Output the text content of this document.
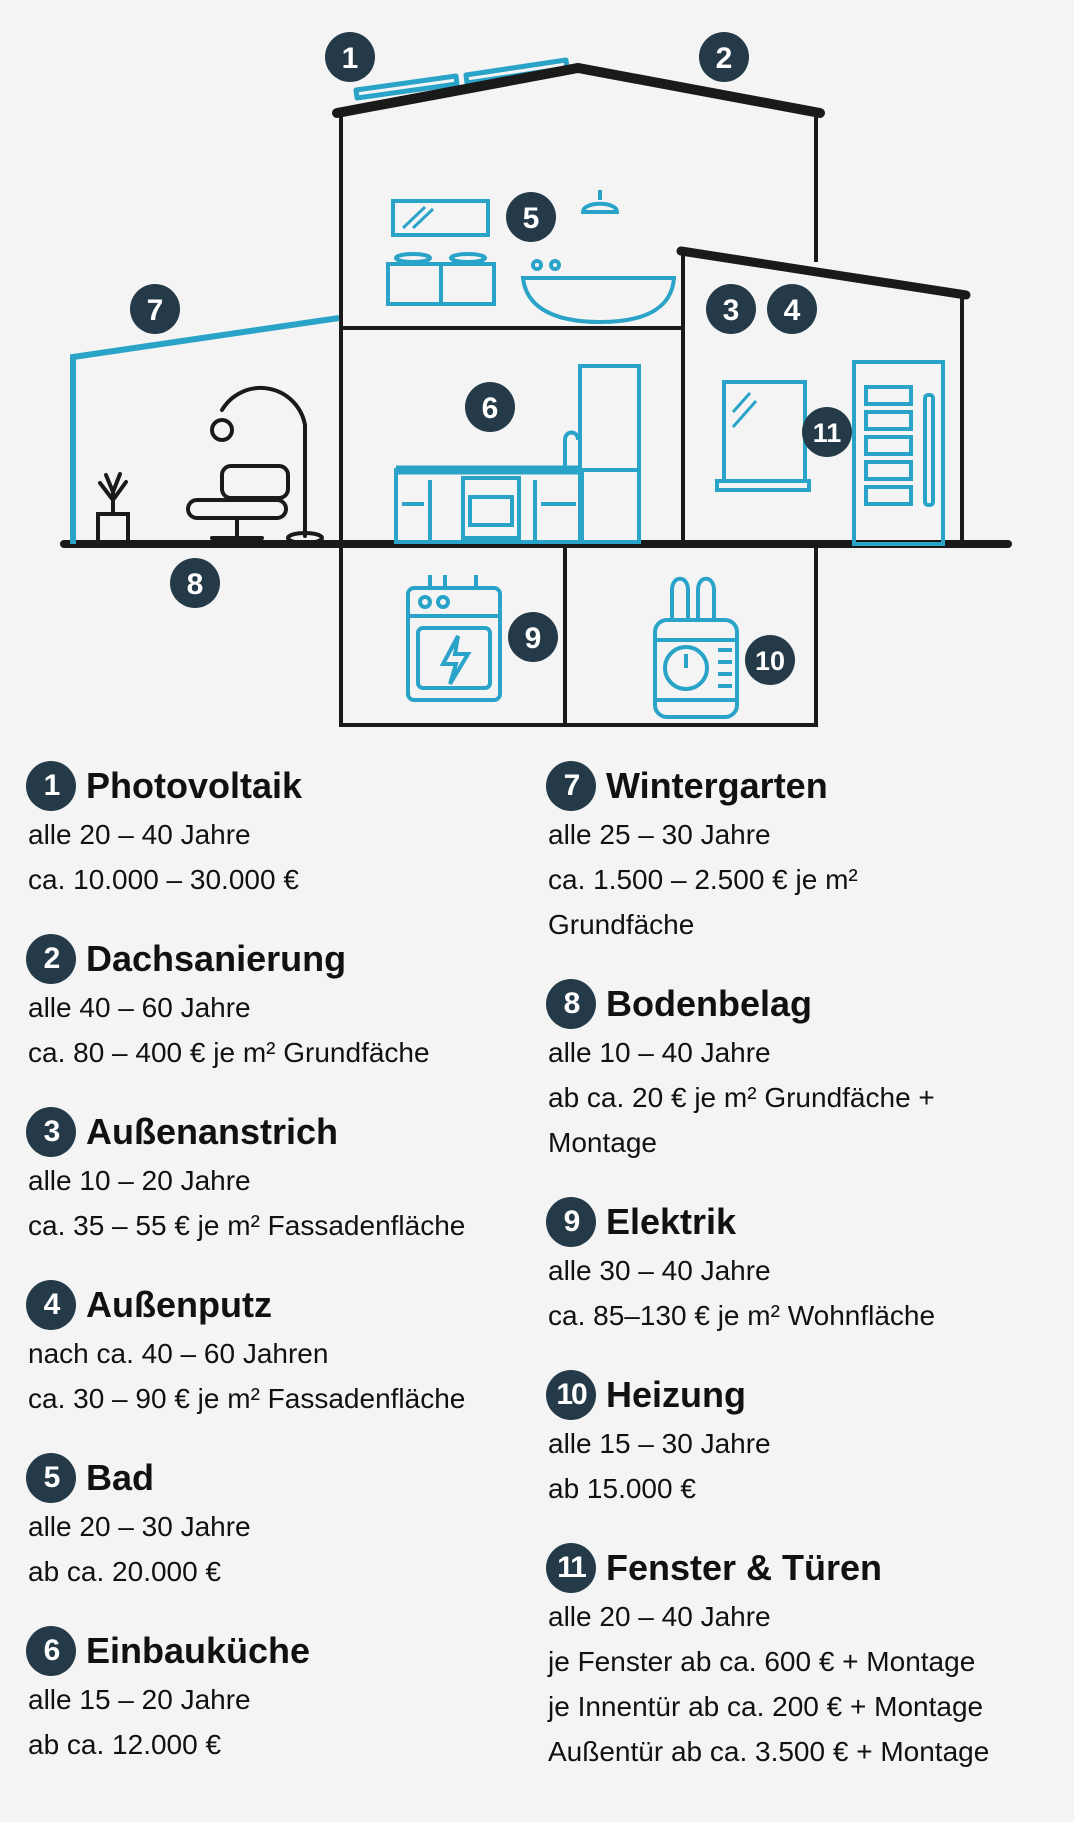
1	2
3 4
5
6
7
8
9
10
11
1 Photovoltaik
alle 20 – 40 Jahre
ca. 10.000 – 30.000 €
2 Dachsanierung
alle 40 – 60 Jahre
ca. 80 – 400 € je m² Grundfäche
3 Außenanstrich
alle 10 – 20 Jahre
ca. 35 – 55 € je m² Fassadenfläche
4 Außenputz
nach ca. 40 – 60 Jahren
ca. 30 – 90 € je m² Fassadenfläche
5 Bad
alle 20 – 30 Jahre
ab ca. 20.000 €
6 Einbauküche
alle 15 – 20 Jahre
ab ca. 12.000 €
7 Wintergarten
alle 25 – 30 Jahre
ca. 1.500 – 2.500 € je m²
Grundfäche
8 Bodenbelag
alle 10 – 40 Jahre
ab ca. 20 € je m² Grundfäche +
Montage
9 Elektrik
alle 30 – 40 Jahre
ca. 85–130 € je m² Wohnfläche
10 Heizung
alle 15 – 30 Jahre
ab 15.000 €
11 Fenster & Türen
alle 20 – 40 Jahre
je Fenster ab ca. 600 € + Montage
je Innentür ab ca. 200 € + Montage
Außentür ab ca. 3.500 € + Montage
